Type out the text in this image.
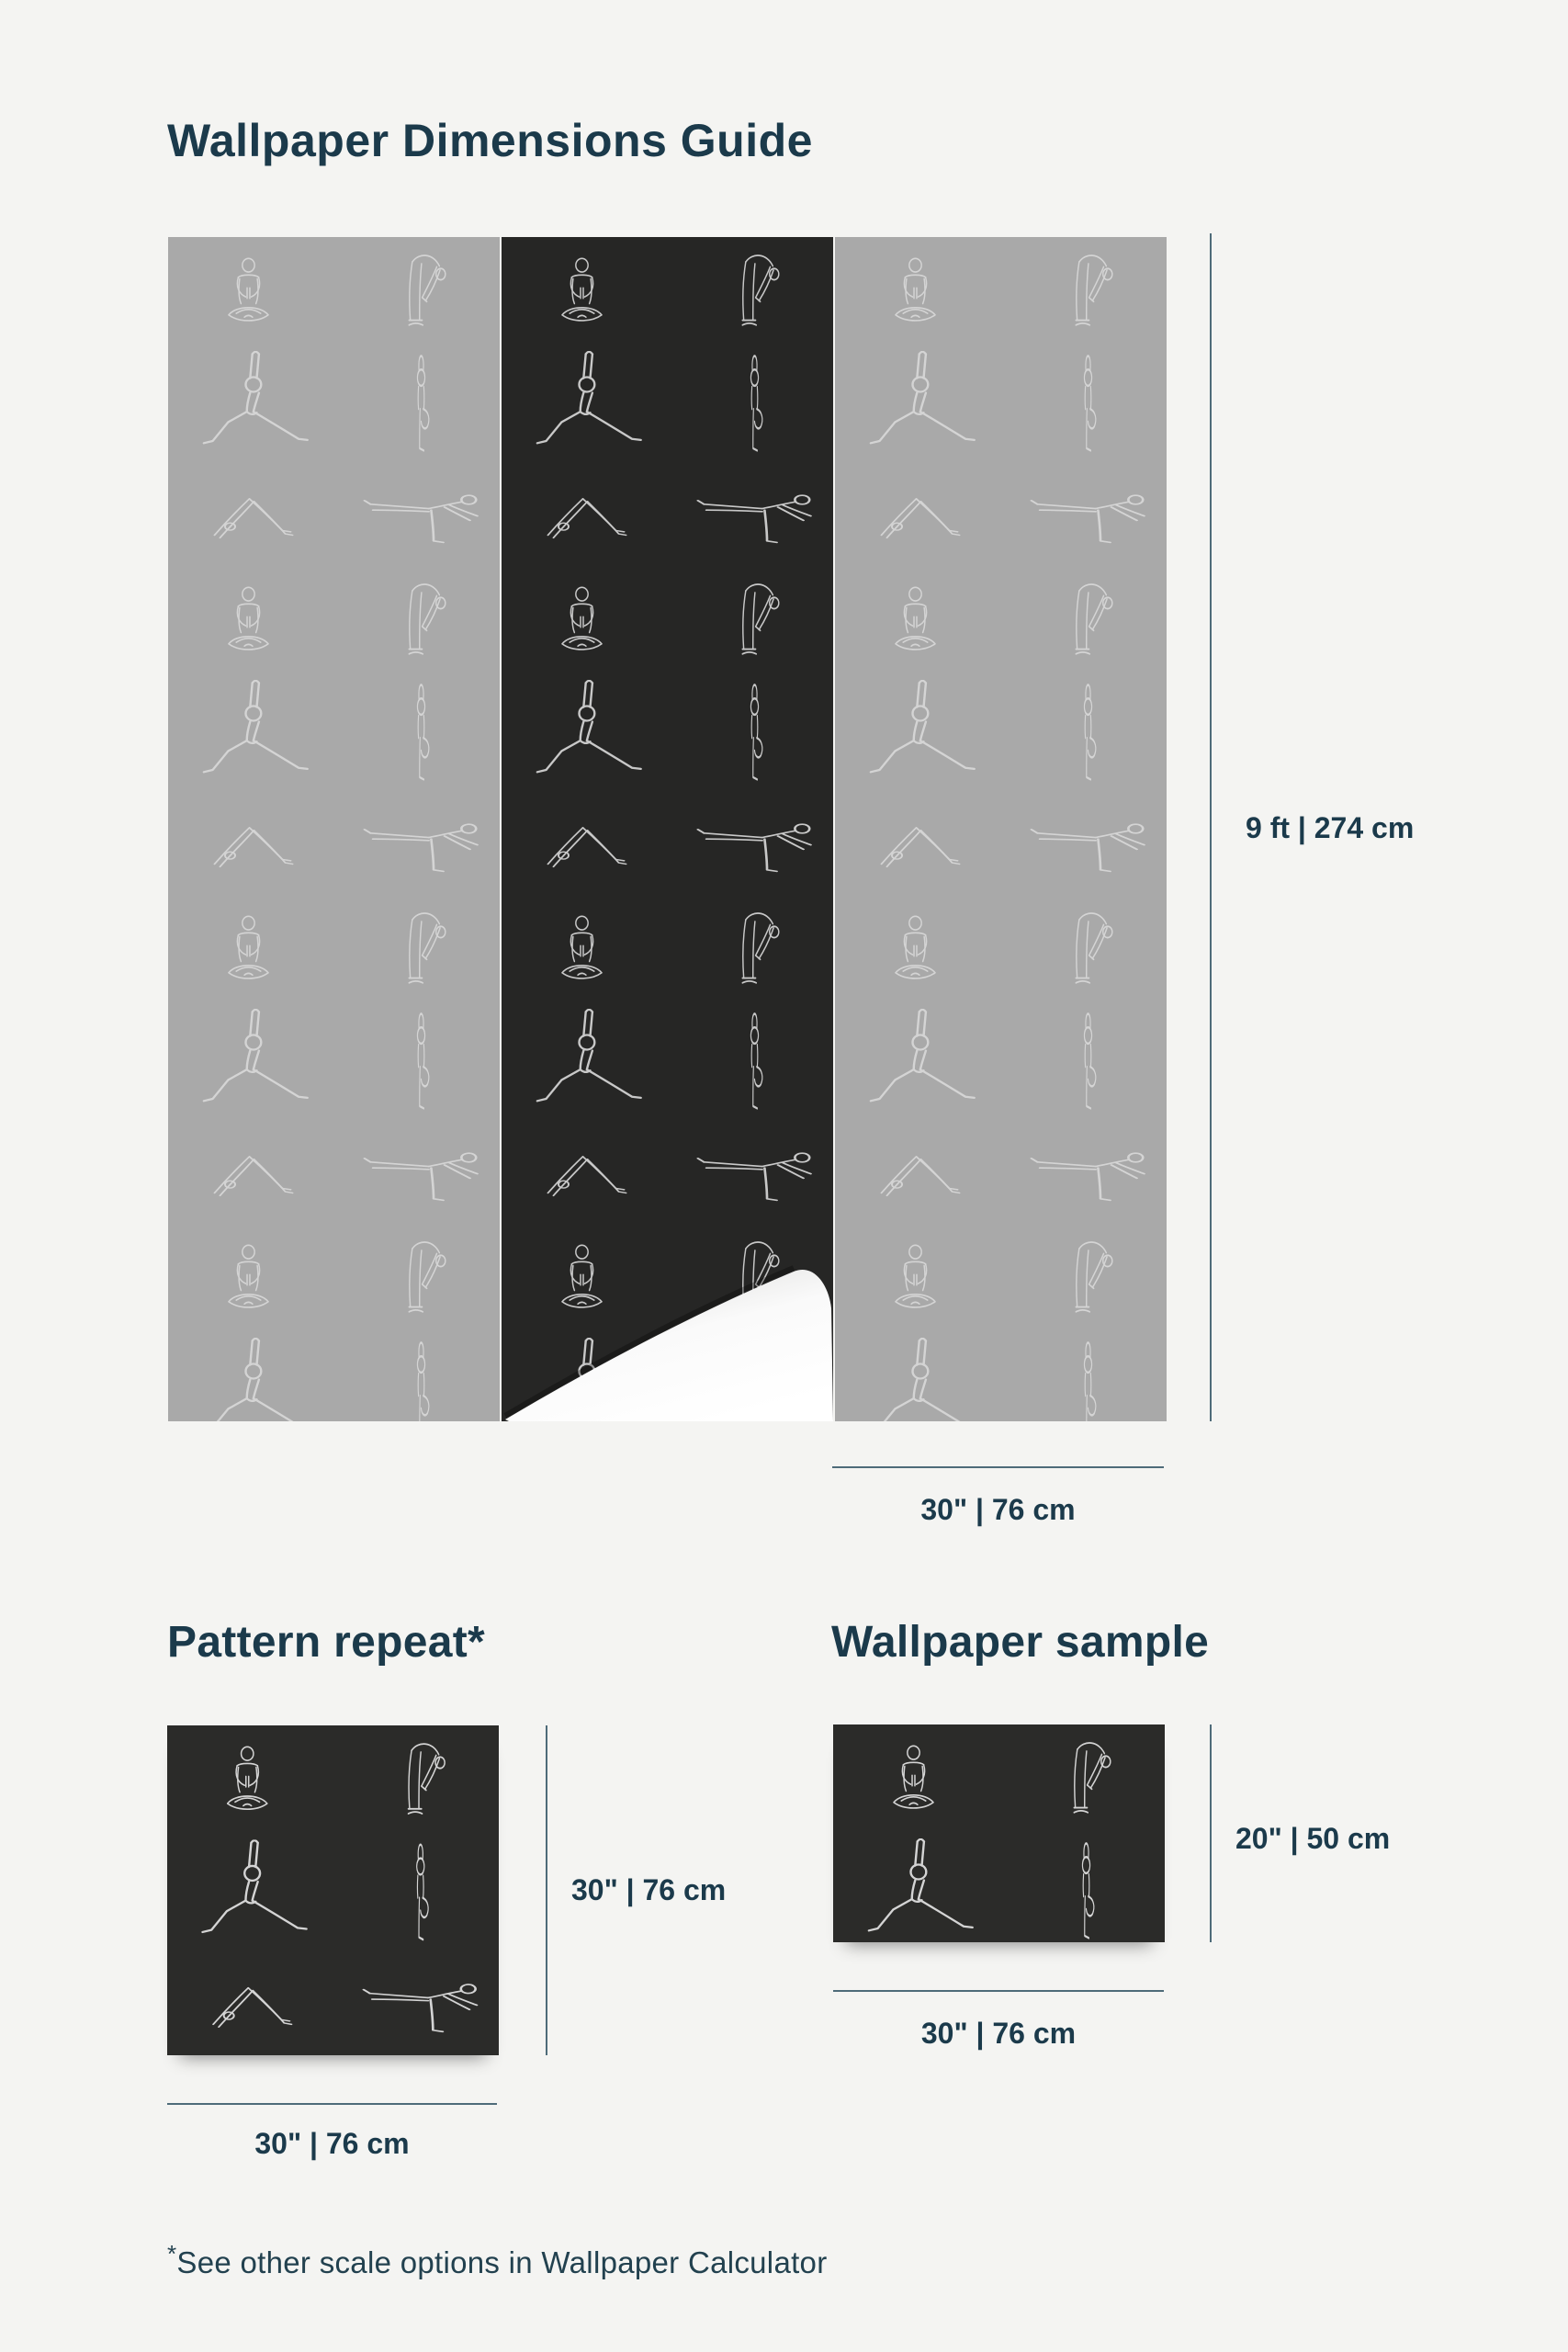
Wallpaper Dimensions Guide
9 ft | 274 cm
30" | 76 cm
Pattern repeat*
30" | 76 cm
30" | 76 cm
Wallpaper sample
20" | 50 cm
30" | 76 cm

*See other scale options in Wallpaper Calculator
